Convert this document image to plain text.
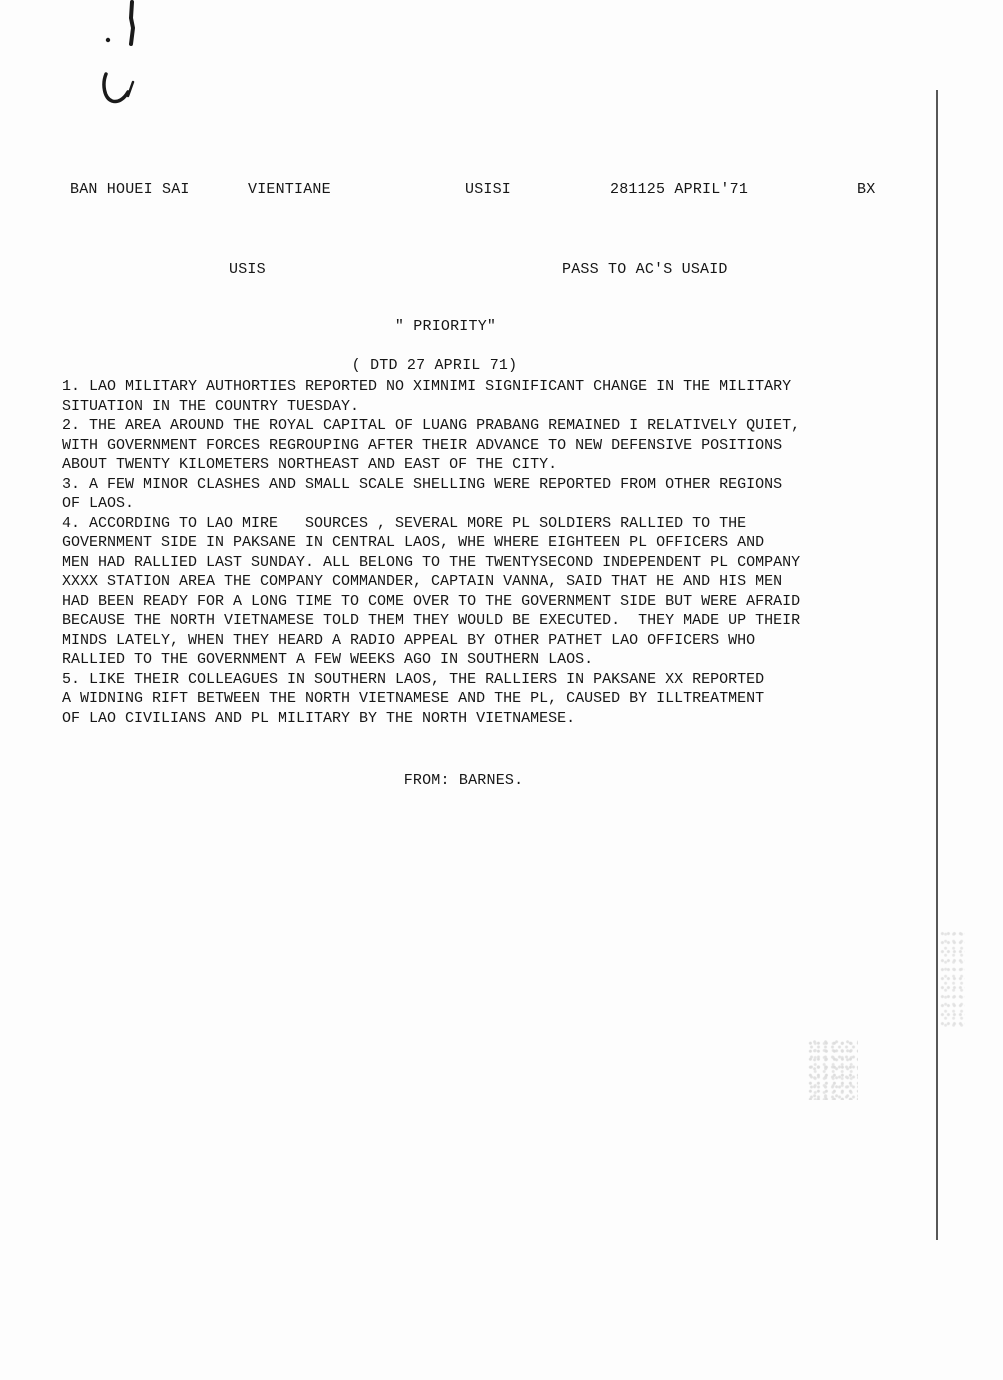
BAN HOUEI SAI	VIENTIANE	USISI	281125 APRIL'71	BX
USIS	PASS TO AC'S USAID
" PRIORITY"
( DTD 27 APRIL 71)
1. LAO MILITARY AUTHORTIES REPORTED NO XIMNIMI SIGNIFICANT CHANGE IN THE MILITARY
SITUATION IN THE COUNTRY TUESDAY.
2. THE AREA AROUND THE ROYAL CAPITAL OF LUANG PRABANG REMAINED I RELATIVELY QUIET,
WITH GOVERNMENT FORCES REGROUPING AFTER THEIR ADVANCE TO NEW DEFENSIVE POSITIONS
ABOUT TWENTY KILOMETERS NORTHEAST AND EAST OF THE CITY.
3. A FEW MINOR CLASHES AND SMALL SCALE SHELLING WERE REPORTED FROM OTHER REGIONS
OF LAOS.
4. ACCORDING TO LAO MIRE   SOURCES , SEVERAL MORE PL SOLDIERS RALLIED TO THE
GOVERNMENT SIDE IN PAKSANE IN CENTRAL LAOS, WHE WHERE EIGHTEEN PL OFFICERS AND
MEN HAD RALLIED LAST SUNDAY. ALL BELONG TO THE TWENTYSECOND INDEPENDENT PL COMPANY
XXXX STATION AREA THE COMPANY COMMANDER, CAPTAIN VANNA, SAID THAT HE AND HIS MEN
HAD BEEN READY FOR A LONG TIME TO COME OVER TO THE GOVERNMENT SIDE BUT WERE AFRAID
BECAUSE THE NORTH VIETNAMESE TOLD THEM THEY WOULD BE EXECUTED.  THEY MADE UP THEIR
MINDS LATELY, WHEN THEY HEARD A RADIO APPEAL BY OTHER PATHET LAO OFFICERS WHO
RALLIED TO THE GOVERNMENT A FEW WEEKS AGO IN SOUTHERN LAOS.
5. LIKE THEIR COLLEAGUES IN SOUTHERN LAOS, THE RALLIERS IN PAKSANE XX REPORTED
A WIDNING RIFT BETWEEN THE NORTH VIETNAMESE AND THE PL, CAUSED BY ILLTREATMENT
OF LAO CIVILIANS AND PL MILITARY BY THE NORTH VIETNAMESE.
FROM: BARNES.
